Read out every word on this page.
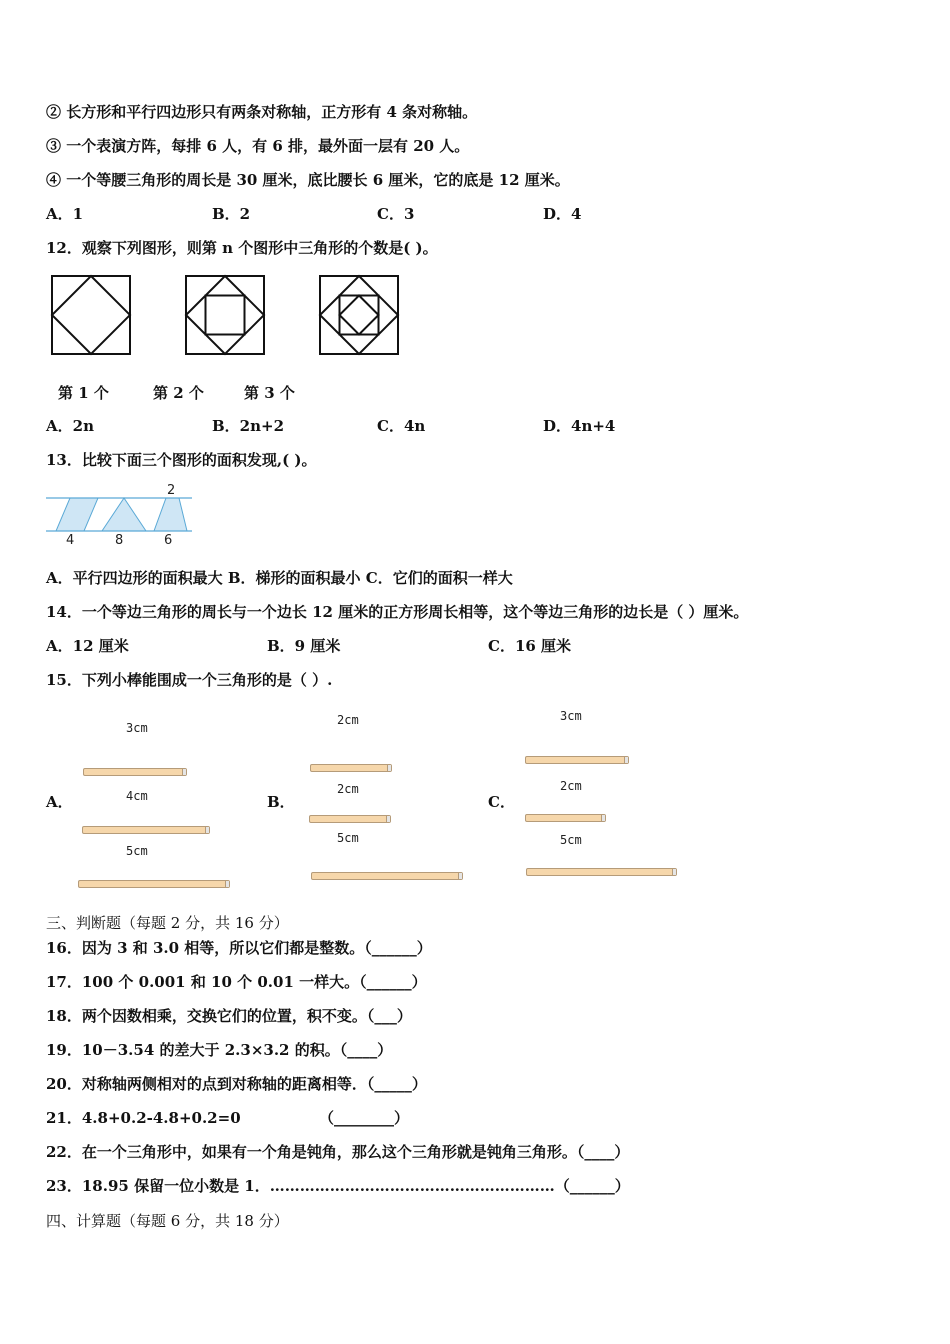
② 长方形和平行四边形只有两条对称轴，正方形有 4 条对称轴。
③ 一个表演方阵，每排 6 人，有 6 排，最外面一层有 20 人。
④ 一个等腰三角形的周长是 30 厘米，底比腰长 6 厘米，它的底是 12 厘米。
A．1	B．2	C．3	D．4
12．观察下列图形，则第 n 个图形中三角形的个数是( )。
第 1 个	第 2 个	第 3 个
A．2n	B．2n+2	C．4n	D．4n+4
13．比较下面三个图形的面积发现,( )。
2
4	8	6
A．平行四边形的面积最大 B．梯形的面积最小 C．它们的面积一样大
14．一个等边三角形的周长与一个边长 12 厘米的正方形周长相等，这个等边三角形的边长是（ ）厘米。
A．12 厘米	B．9 厘米	C．16 厘米
15．下列小棒能围成一个三角形的是（ ）.
A．
3cm
4cm
5cm
B．
2cm
2cm
5cm
C．
3cm
2cm
5cm
三、判断题（每题 2 分，共 16 分）
16．因为 3 和 3.0 相等，所以它们都是整数。（______）
17．100 个 0.001 和 10 个 0.01 一样大。（______）
18．两个因数相乘，交换它们的位置，积不变。（___）
19．10－3.54 的差大于 2.3×3.2 的积。（____）
20．对称轴两侧相对的点到对称轴的距离相等．（_____）
21．4.8+0.2-4.8+0.2=0               （________）
22．在一个三角形中，如果有一个角是钝角，那么这个三角形就是钝角三角形。（____）
23．18.95 保留一位小数是 1．…………………………………………………（______）
四、计算题（每题 6 分，共 18 分）
